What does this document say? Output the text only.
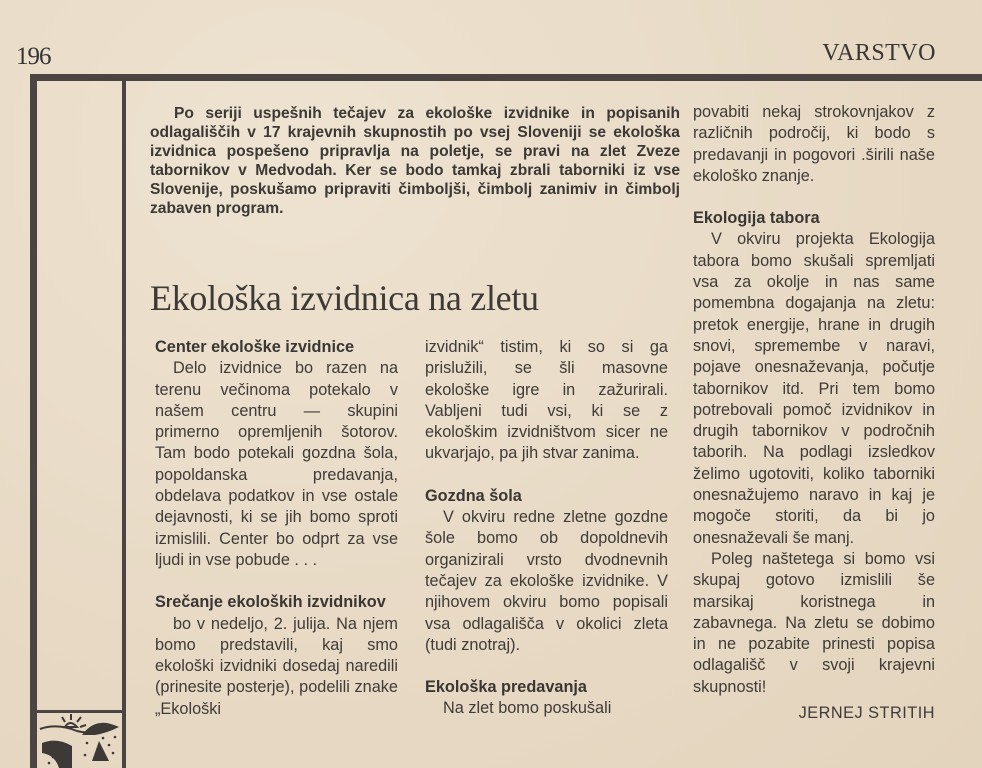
196	VARSTVO

Po seriji uspešnih tečajev za ekološke izvidnike in popisanih odlagališčih v 17 krajevnih skupnostih po vsej Sloveniji se ekološka izvidnica pospešeno pripravlja na poletje, se pravi na zlet Zveze tabornikov v Medvodah. Ker se bodo tamkaj zbrali taborniki iz vse Slovenije, poskušamo pripraviti čimboljši, čimbolj zanimiv in čimbolj zabaven program.

Ekološka izvidnica na zletu
Center ekološke izvidnice

Delo izvidnice bo razen na terenu večinoma potekalo v našem centru — skupini primerno opremljenih šotorov. Tam bodo potekali gozdna šola, popoldanska predavanja, obdelava podatkov in vse ostale dejavnosti, ki se jih bomo sproti izmislili. Center bo odprt za vse ljudi in vse pobude . . .

Srečanje ekoloških izvidnikov

bo v nedeljo, 2. julija. Na njem bomo predstavili, kaj smo ekološki izvidniki dosedaj naredili (prinesite posterje), podelili znake „Ekološki

izvidnik“ tistim, ki so si ga prislužili, se šli masovne ekološke igre in zažurirali. Vabljeni tudi vsi, ki se z ekološkim izvidništvom sicer ne ukvarjajo, pa jih stvar zanima.

Gozdna šola

V okviru redne zletne gozdne šole bomo ob dopoldnevih organizirali vrsto dvodnevnih tečajev za ekološke izvidnike. V njihovem okviru bomo popisali vsa odlagališča v okolici zleta (tudi znotraj).

Ekološka predavanja

Na zlet bomo poskušali

povabiti nekaj strokovnjakov z različnih področij, ki bodo s predavanji in pogovori .širili naše ekološko znanje.

Ekologija tabora

V okviru projekta Ekologija tabora bomo skušali spremljati vsa za okolje in nas same pomembna dogajanja na zletu: pretok energije, hrane in drugih snovi, spremembe v naravi, pojave onesnaževanja, počutje tabornikov itd. Pri tem bomo potrebovali pomoč izvidnikov in drugih tabornikov v področnih taborih. Na podlagi izsledkov želimo ugotoviti, koliko taborniki onesnažujemo naravo in kaj je mogoče storiti, da bi jo onesnaževali še manj.

Poleg naštetega si bomo vsi skupaj gotovo izmislili še marsikaj koristnega in zabavnega. Na zletu se dobimo in ne pozabite prinesti popisa odlagališč v svoji krajevni skupnosti!

JERNEJ STRITIH
